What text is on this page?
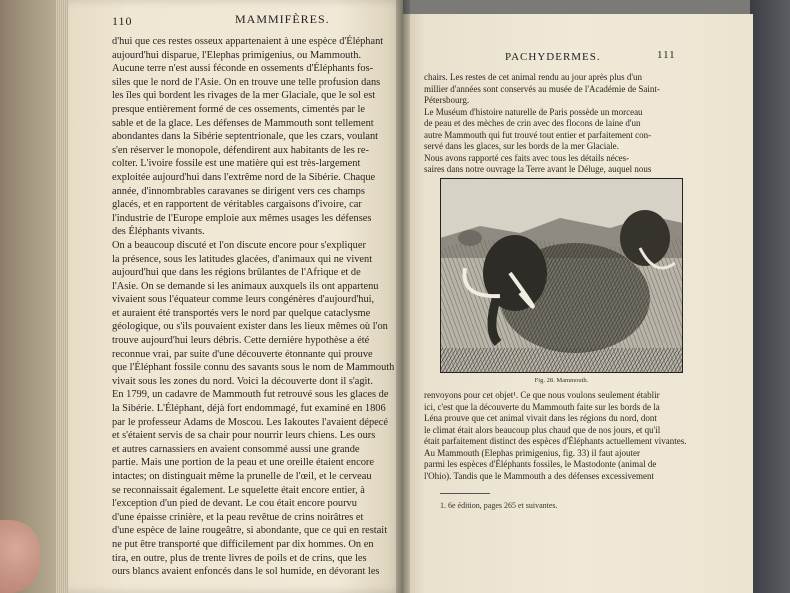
110	MAMMIFÈRES.
d'hui que ces restes osseux appartenaient à une espèce d'Éléphant
aujourd'hui disparue, l'Elephas primigenius, ou Mammouth.
Aucune terre n'est aussi féconde en ossements d'Éléphants fos-
siles que le nord de l'Asie. On en trouve une telle profusion dans
les îles qui bordent les rivages de la mer Glaciale, que le sol est
presque entièrement formé de ces ossements, cimentés par le
sable et de la glace. Les défenses de Mammouth sont tellement
abondantes dans la Sibérie septentrionale, que les czars, voulant
s'en réserver le monopole, défendirent aux habitants de les re-
colter. L'ivoire fossile est une matière qui est très-largement
exploitée aujourd'hui dans l'extrême nord de la Sibérie. Chaque
année, d'innombrables caravanes se dirigent vers ces champs
glacés, et en rapportent de véritables cargaisons d'ivoire, car
l'industrie de l'Europe emploie aux mêmes usages les défenses
des Éléphants vivants.
On a beaucoup discuté et l'on discute encore pour s'expliquer
la présence, sous les latitudes glacées, d'animaux qui ne vivent
aujourd'hui que dans les régions brûlantes de l'Afrique et de
l'Asie. On se demande si les animaux auxquels ils ont appartenu
vivaient sous l'équateur comme leurs congénères d'aujourd'hui,
et auraient été transportés vers le nord par quelque cataclysme
géologique, ou s'ils pouvaient exister dans les lieux mêmes où l'on
trouve aujourd'hui leurs débris. Cette dernière hypothèse a été
reconnue vrai, par suite d'une découverte étonnante qui prouve
que l'Éléphant fossile connu des savants sous le nom de Mammouth
vivait sous les zones du nord. Voici la découverte dont il s'agit.
En 1799, un cadavre de Mammouth fut retrouvé sous les glaces de
la Sibérie. L'Éléphant, déjà fort endommagé, fut examiné en 1806
par le professeur Adams de Moscou. Les Iakoutes l'avaient dépecé
et s'étaient servis de sa chair pour nourrir leurs chiens. Les ours
et autres carnassiers en avaient consommé aussi une grande
partie. Mais une portion de la peau et une oreille étaient encore
intactes; on distinguait même la prunelle de l'œil, et le cerveau
se reconnaissait également. Le squelette était encore entier, à
l'exception d'un pied de devant. Le cou était encore pourvu
d'une épaisse crinière, et la peau revêtue de crins noirâtres et
d'une espèce de laine rougeâtre, si abondante, que ce qui en restait
ne put être transporté que difficilement par dix hommes. On en
tira, en outre, plus de trente livres de poils et de crins, que les
ours blancs avaient enfoncés dans le sol humide, en dévorant les
PACHYDERMES.	111
chairs. Les restes de cet animal rendu au jour après plus d'un
millier d'années sont conservés au musée de l'Académie de Saint-
Pétersbourg.
Le Muséum d'histoire naturelle de Paris possède un morceau
de peau et des mèches de crin avec des flocons de laine d'un
autre Mammouth qui fut trouvé tout entier et parfaitement con-
servé dans les glaces, sur les bords de la mer Glaciale.
Nous avons rapporté ces faits avec tous les détails néces-
saires dans notre ouvrage la Terre avant le Déluge, auquel nous
Fig. 28. Mammouth.
renvoyons pour cet objet¹. Ce que nous voulons seulement établir
ici, c'est que la découverte du Mammouth faite sur les bords de la
Léna prouve que cet animal vivait dans les régions du nord, dont
le climat était alors beaucoup plus chaud que de nos jours, et qu'il
était parfaitement distinct des espèces d'Éléphants actuellement vivantes.
Au Mammouth (Elephas primigenius, fig. 33) il faut ajouter
parmi les espèces d'Éléphants fossiles, le Mastodonte (animal de
l'Ohio). Tandis que le Mammouth a des défenses excessivement
1. 6e édition, pages 265 et suivantes.
